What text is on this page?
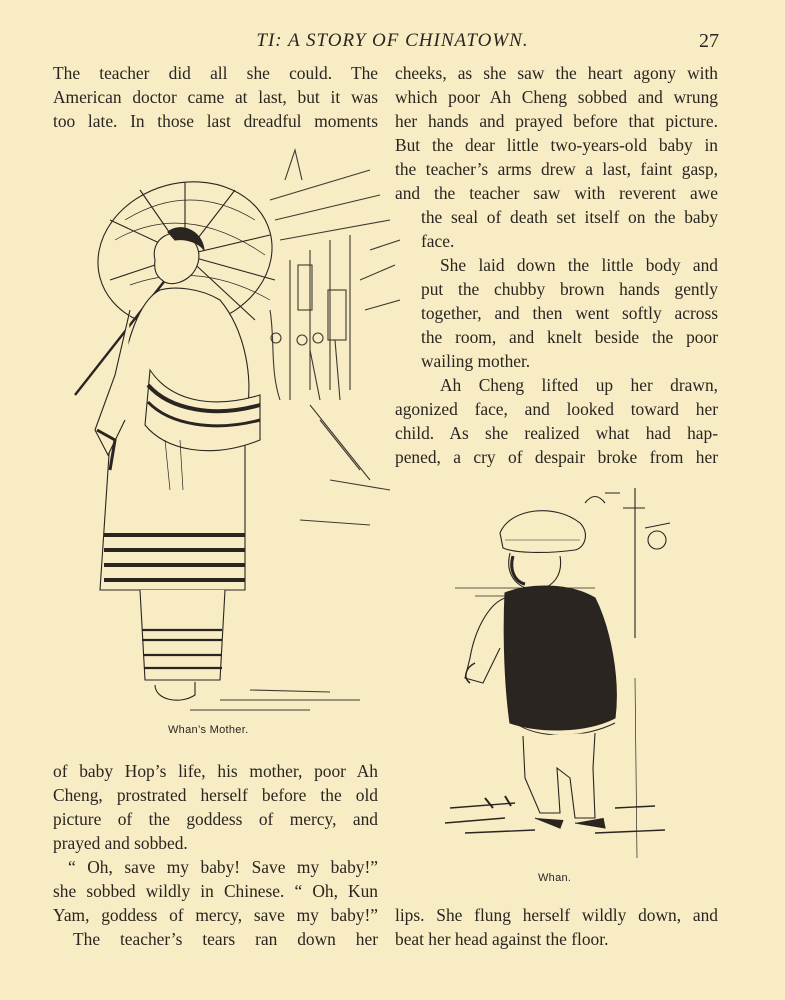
TI: A STORY OF CHINATOWN.	27
The teacher did all she could. The
American doctor came at last, but it was
too late. In those last dreadful moments
cheeks, as she saw the heart agony with
which poor Ah Cheng sobbed and wrung
her hands and prayed before that picture.
But the dear little two-years-old baby in
the teacher’s arms drew a last, faint gasp,
and the teacher saw with reverent awe
the seal of death set itself on the baby
face.
She laid down the little body and
put the chubby brown hands gently
together, and then went softly across
the room, and knelt beside the poor
wailing mother.
Ah Cheng lifted up her drawn,
agonized face, and looked toward her
child. As she realized what had hap-
pened, a cry of despair broke from her
Whan’s Mother.
of baby Hop’s life, his mother, poor Ah
Cheng, prostrated herself before the old
picture of the goddess of mercy, and
prayed and sobbed.
“ Oh, save my baby! Save my baby!”
she sobbed wildly in Chinese. “ Oh, Kun
Yam, goddess of mercy, save my baby!”
The teacher’s tears ran down her
Whan.
lips. She flung herself wildly down, and
beat her head against the floor.
